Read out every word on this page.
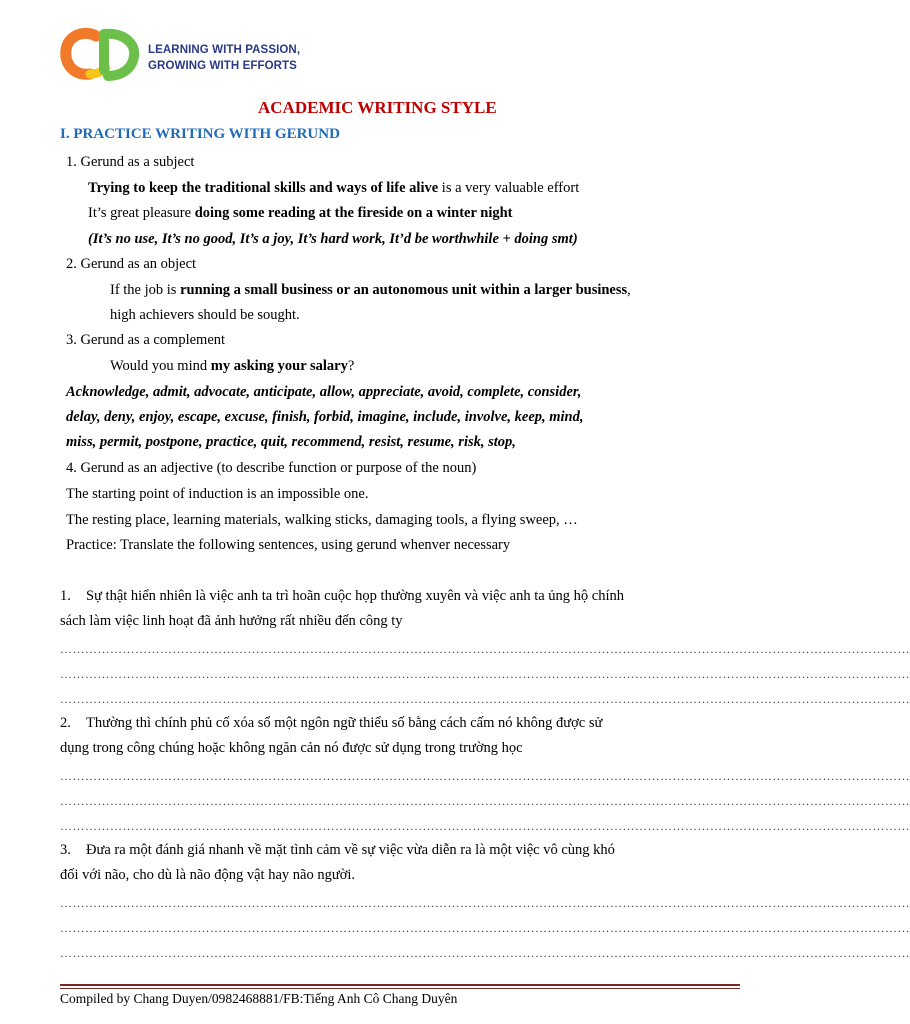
LEARNING WITH PASSION,
GROWING WITH EFFORTS
ACADEMIC WRITING STYLE
I. PRACTICE WRITING WITH GERUND
1. Gerund as a subject
Trying to keep the traditional skills and ways of life alive is a very valuable effort
It’s great pleasure doing some reading at the fireside on a winter night
(It’s no use, It’s no good, It’s a joy, It’s hard work, It’d be worthwhile + doing smt)
2. Gerund as an object
If the job is running a small business or an autonomous unit within a larger business,
high achievers should be sought.
3. Gerund as a complement
Would you mind my asking your salary?
Acknowledge, admit, advocate, anticipate, allow, appreciate, avoid, complete, consider,
delay, deny, enjoy, escape, excuse, finish, forbid, imagine, include, involve, keep, mind,
miss, permit, postpone, practice, quit, recommend, resist, resume, risk, stop,
4. Gerund as an adjective (to describe function or purpose of the noun)
The starting point of induction is an impossible one.
The resting place, learning materials, walking sticks, damaging tools, a flying sweep, …
Practice: Translate the following sentences, using gerund whenver necessary
1. Sự thật hiển nhiên là việc anh ta trì hoãn cuộc họp thường xuyên và việc anh ta ủng hộ chính
sách làm việc linh hoạt đã ảnh hưởng rất nhiều đến công ty
……………………………………………………………………………………………………………………………………………………………………………………
……………………………………………………………………………………………………………………………………………………………………………………
……………………………………………………………………………………………………………………………………………………………………………………
2. Thường thì chính phủ cố xóa sổ một ngôn ngữ thiểu số bằng cách cấm nó không được sử
dụng trong công chúng hoặc không ngăn cản nó được sử dụng trong trường học
……………………………………………………………………………………………………………………………………………………………………………………
……………………………………………………………………………………………………………………………………………………………………………………
……………………………………………………………………………………………………………………………………………………………………………………
3. Đưa ra một đánh giá nhanh về mặt tình cảm về sự việc vừa diễn ra là một việc vô cùng khó
đối với não, cho dù là não động vật hay não người.
……………………………………………………………………………………………………………………………………………………………………………………
……………………………………………………………………………………………………………………………………………………………………………………
……………………………………………………………………………………………………………………………………………………………………………………
Compiled by Chang Duyen/0982468881/FB:Tiếng Anh Cô Chang Duyên
